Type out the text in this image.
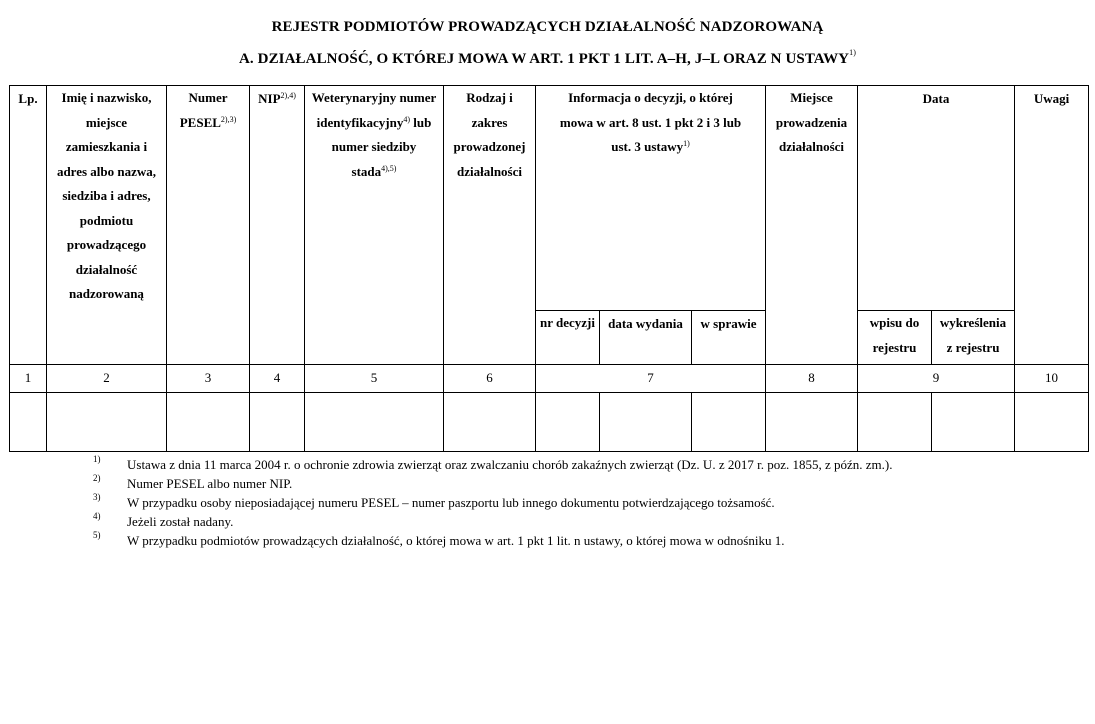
REJESTR PODMIOTÓW PROWADZĄCYCH DZIAŁALNOŚĆ NADZOROWANĄ
A. DZIAŁALNOŚĆ, O KTÓREJ MOWA W ART. 1 PKT 1 LIT. A–H, J–L ORAZ N USTAWY$^{1)}$
Lp.	Imię i nazwisko, miejsce zamieszkania i adres albo nazwa, siedziba i adres, podmiotu prowadzącego działalność nadzorowaną	Numer $PESEL^{2),3)}$	$NIP^{2),4)}$	Weterynaryjny numer identyfikacyjny$^{4)}$ lub numer siedziby stada$^{4),5)}$	Rodzaj i zakres prowadzonej działalności	Informacja o decyzji, o której mowa w art. 8 ust. 1 pkt 2 i 3 lub ust. 3 ustawy$^{1)}$			Miejsce prowadzenia działalności	Data		Uwagi

						nr decyzji	data wydania	w sprawie		wpisu do rejestru	wykreślenia z rejestru	

1	2	3	4	5	6	7			8	9		10

1) Ustawa z dnia 11 marca 2004 r. o ochronie zdrowia zwierząt oraz zwalczaniu chorób zakaźnych zwierząt (Dz. U. z 2017 r. poz. 1855, z późn. zm.).
2) Numer PESEL albo numer NIP.
3) W przypadku osoby nieposiadającej numeru PESEL – numer paszportu lub innego dokumentu potwierdzającego tożsamość.
4) Jeżeli został nadany.
5) W przypadku podmiotów prowadzących działalność, o której mowa w art. 1 pkt 1 lit. n ustawy, o której mowa w odnośniku 1.
